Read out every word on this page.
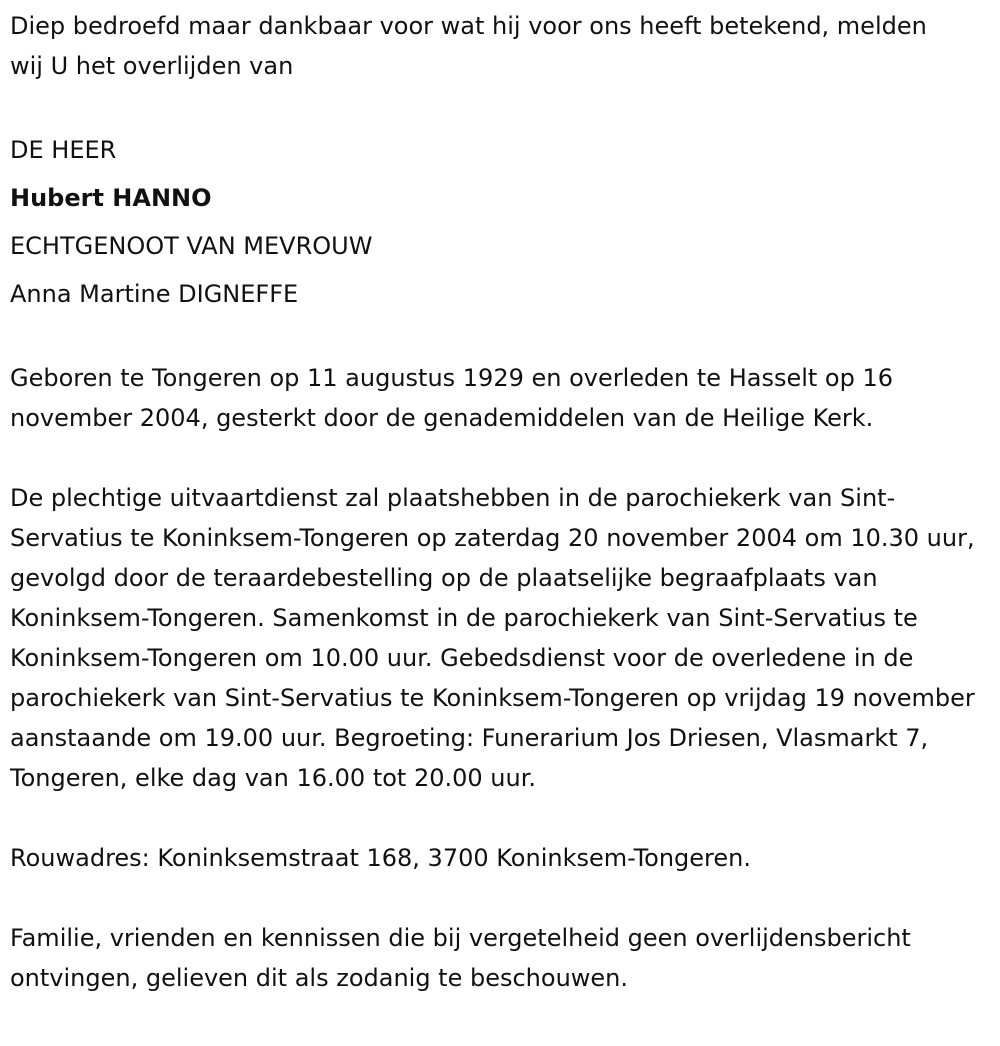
Diep bedroefd maar dankbaar voor wat hij voor ons heeft betekend, melden wij U het overlijden van

DE HEER

Hubert HANNO

ECHTGENOOT VAN MEVROUW

Anna Martine DIGNEFFE

Geboren te Tongeren op 11 augustus 1929 en overleden te Hasselt op 16 november 2004, gesterkt door de genademiddelen van de Heilige Kerk.

De plechtige uitvaartdienst zal plaatshebben in de parochiekerk van Sint-Servatius te Koninksem-Tongeren op zaterdag 20 november 2004 om 10.30 uur, gevolgd door de teraardebestelling op de plaatselijke begraafplaats van Koninksem-Tongeren. Samenkomst in de parochiekerk van Sint-Servatius te Koninksem-Tongeren om 10.00 uur. Gebedsdienst voor de overledene in de parochiekerk van Sint-Servatius te Koninksem-Tongeren op vrijdag 19 november aanstaande om 19.00 uur. Begroeting: Funerarium Jos Driesen, Vlasmarkt 7, Tongeren, elke dag van 16.00 tot 20.00 uur.

Rouwadres: Koninksemstraat 168, 3700 Koninksem-Tongeren.

Familie, vrienden en kennissen die bij vergetelheid geen overlijdensbericht ontvingen, gelieven dit als zodanig te beschouwen.
